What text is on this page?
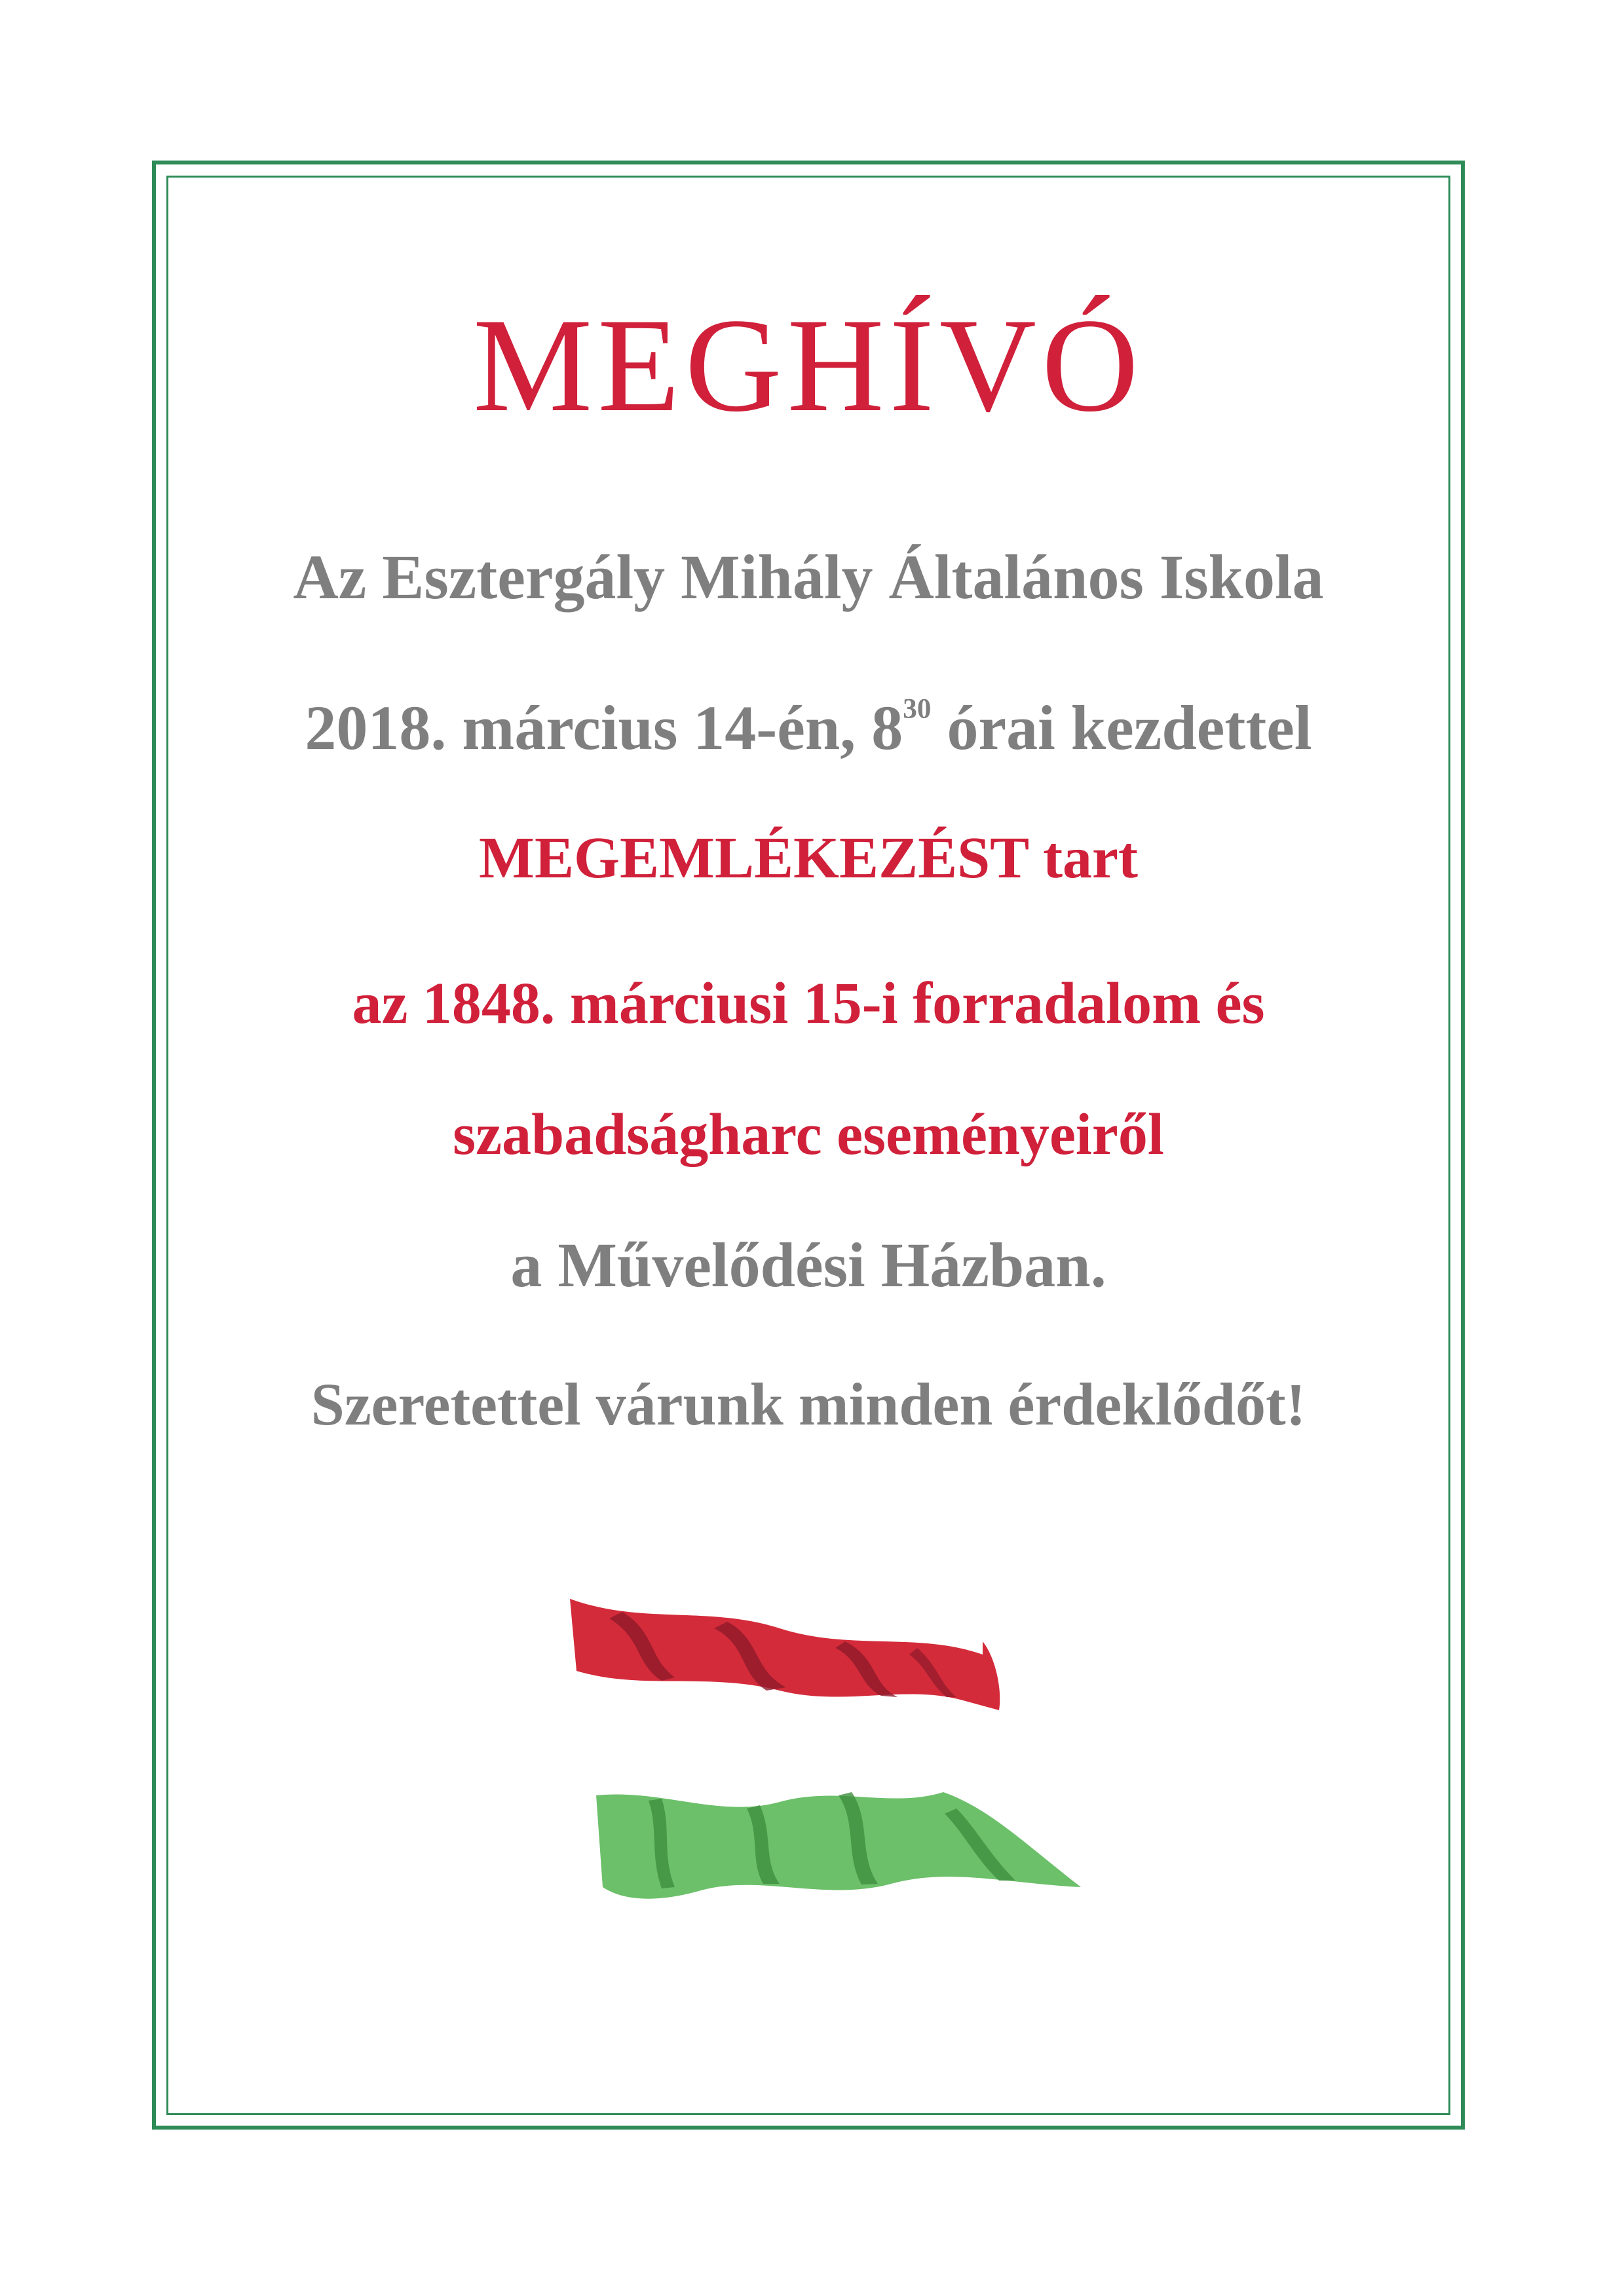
MEGHÍVÓ
Az Esztergály Mihály Általános Iskola
2018. március 14-én, $8^{30}$ órai kezdettel
MEGEMLÉKEZÉST tart
az 1848. márciusi 15-i forradalom és
szabadságharc eseményeiről
a Művelődési Házban.
Szeretettel várunk minden érdeklődőt!
